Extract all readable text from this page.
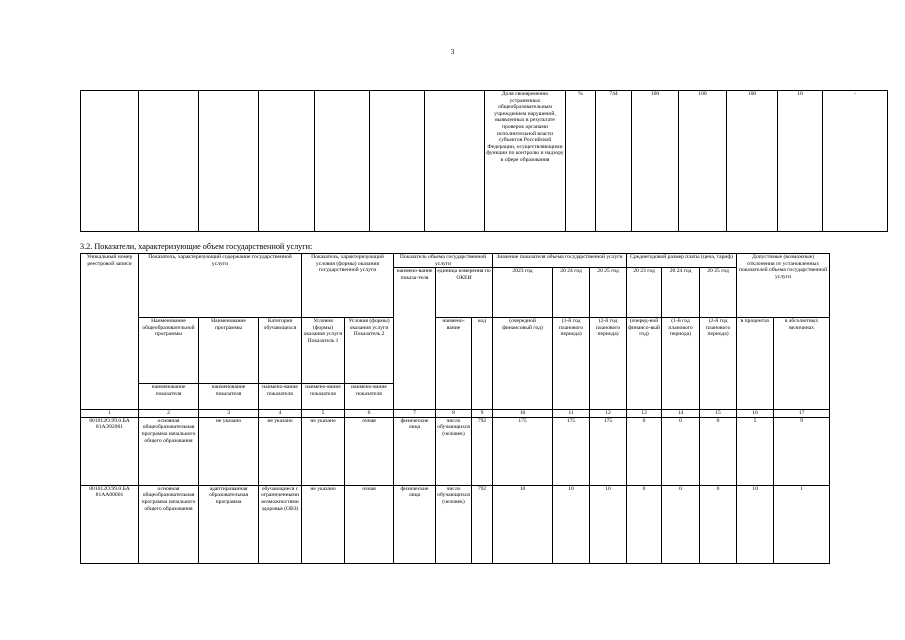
3
							Доля своевременно устраненных общеобразовательным учреждением нарушений, выявленных в результате проверок органами исполнительной власти субъектов Российской Федерации, осуществляющими функции по контролю и надзору в сфере образования	%	744	100	100	100	10	-
3.2. Показатели, характеризующие объем государственной услуги:
Уникальный номер реестровой записи	Показатель, характеризующий содержание государственной услуги			Показатель, характеризующий условия (формы) оказания государственной услуги		Показатель объема государственной услуги			Значение показателя объема государственной услуги			Среднегодовой размер платы (цена, тариф)			Допустимые (возможные) отклонения от установленных показателей объема государственной услуги	
						наимено-вание показа-теля	единица измерения по ОКЕИ		2023 год	20 24 год	20 25 год	20 23 год	20 24 год	20 25 год		
	Наименование общеобразовательной программы	Наименование программы	Категория обучающихся	Условия (формы) оказания услуги Показатель 1	Условия (формы) оказания услуги Показатель 2		наимено-вание	код	(очередной финансовый год)	(1-й год планового периода)	(2-й год планового периода)	(очеред-ной финансо-вый год)	(1-й год планового периода)	(2-й год планового периода)	в процентах	в абсолютных величинах
	наименование показателя	наименование показателя	наимено-вание показателя	наимено-вание показателя	наимено-вание показателя											
1	2	3	4	5	6	7	8	9	10	11	12	13	14	15	16	17
801012О.99.0.БА 81АЭ92001	основная общеобразовательная программа начального общего образования	не указано	не указано	не указано	очная	физические лица	число обучающихся (человек)	792	175	175	175	0	0	0	5	9
801012О.99.0.БА 81АА00001	основная общеобразовательная программа начального общего образования	адаптированная образовательная программа	обучающиеся с ограниченными возможностями здоровья (ОВЗ)	не указано	очная	физические лица	число обучающихся (человек)	792	10	10	10	0	0	0	10	1
